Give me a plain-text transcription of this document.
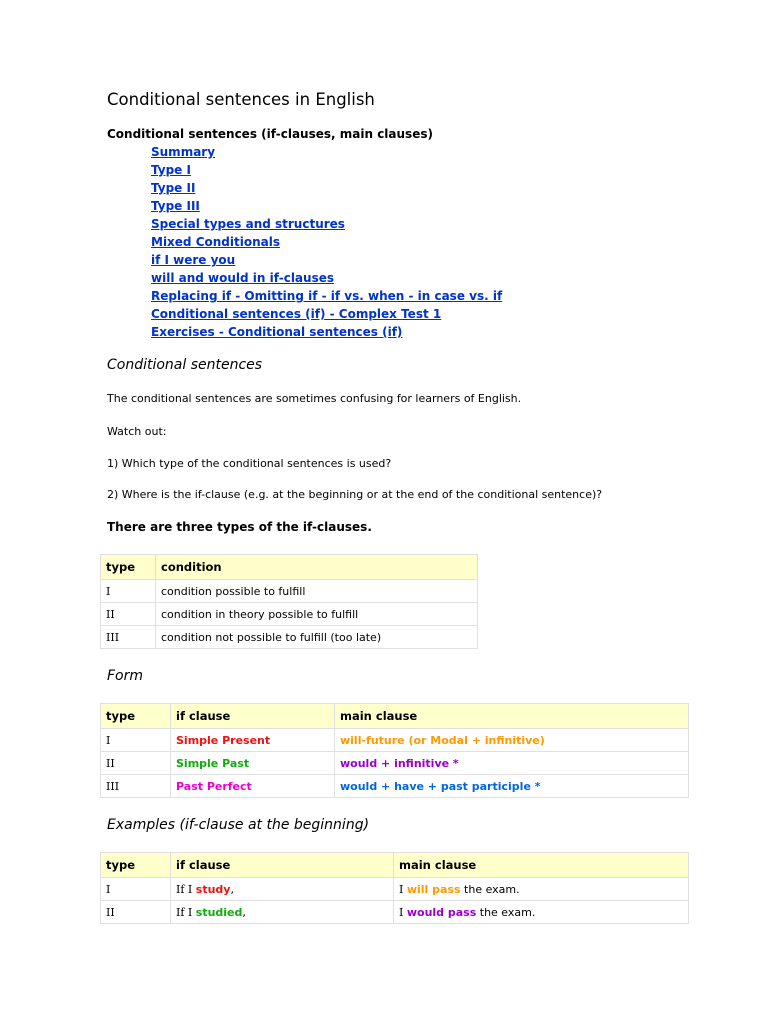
Conditional sentences in English

Conditional sentences (if-clauses, main clauses)

Summary
Type I
Type II
Type III
Special types and structures
Mixed Conditionals
if I were you
will and would in if-clauses
Replacing if - Omitting if - if vs. when - in case vs. if
Conditional sentences (if) - Complex Test 1
Exercises - Conditional sentences (if)
Conditional sentences

The conditional sentences are sometimes confusing for learners of English.

Watch out:

1) Which type of the conditional sentences is used?

2) Where is the if-clause (e.g. at the beginning or at the end of the conditional sentence)?

There are three types of the if-clauses.

type	condition
I	condition possible to fulfill
II	condition in theory possible to fulfill
III	condition not possible to fulfill (too late)
Form
type	if clause	main clause
I	Simple Present	will-future (or Modal + infinitive)
II	Simple Past	would + infinitive *
III	Past Perfect	would + have + past participle *
Examples (if-clause at the beginning)
type	if clause	main clause
I	If I study,	I will pass the exam.
II	If I studied,	I would pass the exam.
